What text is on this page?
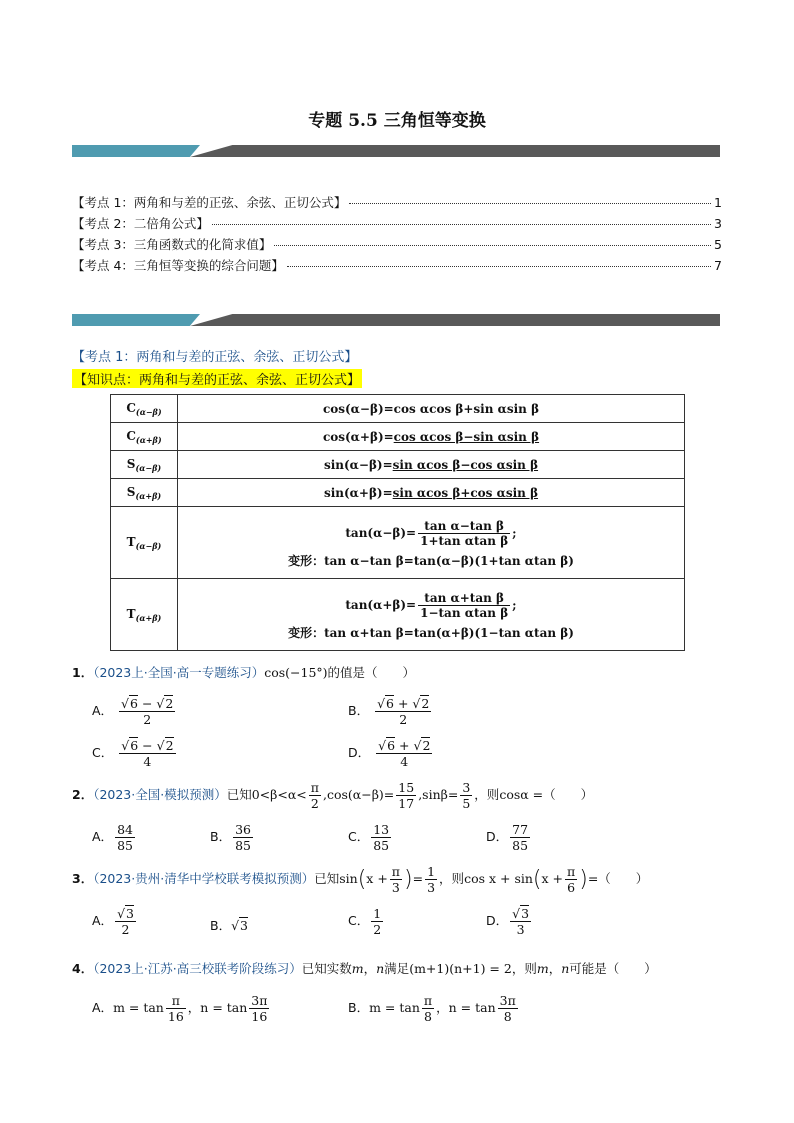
专题 5.5 三角恒等变换
【考点 1：两角和与差的正弦、余弦、正切公式】	1
【考点 2：二倍角公式】	3
【考点 3：三角函数式的化简求值】	5
【考点 4：三角恒等变换的综合问题】	7
【考点 1：两角和与差的正弦、余弦、正切公式】
【知识点：两角和与差的正弦、余弦、正切公式】
$C_{(\alpha-\beta)}$	cos(α−β)=cos αcos β+sin αsin β
$C_{(\alpha+\beta)}$	cos(α+β)=cos αcos β−sin αsin β
$S_{(\alpha-\beta)}$	sin(α−β)=sin αcos β−cos αsin β
$S_{(\alpha+\beta)}$	sin(α+β)=sin αcos β+cos αsin β
$T_{(\alpha-\beta)}$	$\tan(\alpha-\beta)= \frac{\text{tan α−tan β}}{\text{1+tan αtan β}}$ ;
变形：tan α−tan β=tan(α−β)(1+tan αtan β)

$T_{(\alpha+\beta)}$	$\tan(\alpha+\beta)= \frac{\text{tan α+tan β}}{\text{1−tan αtan β}}$ ;
变形：tan α+tan β=tan(α+β)(1−tan αtan β)
1．（2023上·全国·高一专题练习）cos(−15°)的值是（　　）
A． $\frac{√6 - √2}{2}$	B． $\frac{√6 + √2}{2}$
C． $\frac{√6 - √2}{4}$	D． $\frac{√6 + √2}{4}$
2．（2023·全国·模拟预测）已知$0<\beta<\alpha< \frac{\pi}{2} ,\cos(\alpha-\beta)= \frac{15}{17} ,\sin\beta= \frac{3}{5}$ ，则cosα =（　　）
A． $\frac{84}{85}$	B． $\frac{36}{85}$	C． $\frac{13}{85}$	D． $\frac{77}{85}$
3．（2023·贵州·清华中学校联考模拟预测）已知$\sin(x + \frac{\pi}{3}$ )= $\frac{1}{3}$ ，则$\cos x + \sin(x + \frac{\pi}{6}$ )=（　　）
A． $\frac{√3}{2}$	B．√3	C． $\frac{1}{2}$	D． $\frac{√3}{3}$
4．（2023上·江苏·高三校联考阶段练习）已知实数m，n满足(m+1)(n+1) = 2，则m，n可能是（　　）
A．$m = \tan \frac{\pi}{16}$ ，$n = \tan \frac{3\pi}{16}$	B．$m = \tan \frac{\pi}{8}$ ，$n = \tan \frac{3\pi}{8}$
